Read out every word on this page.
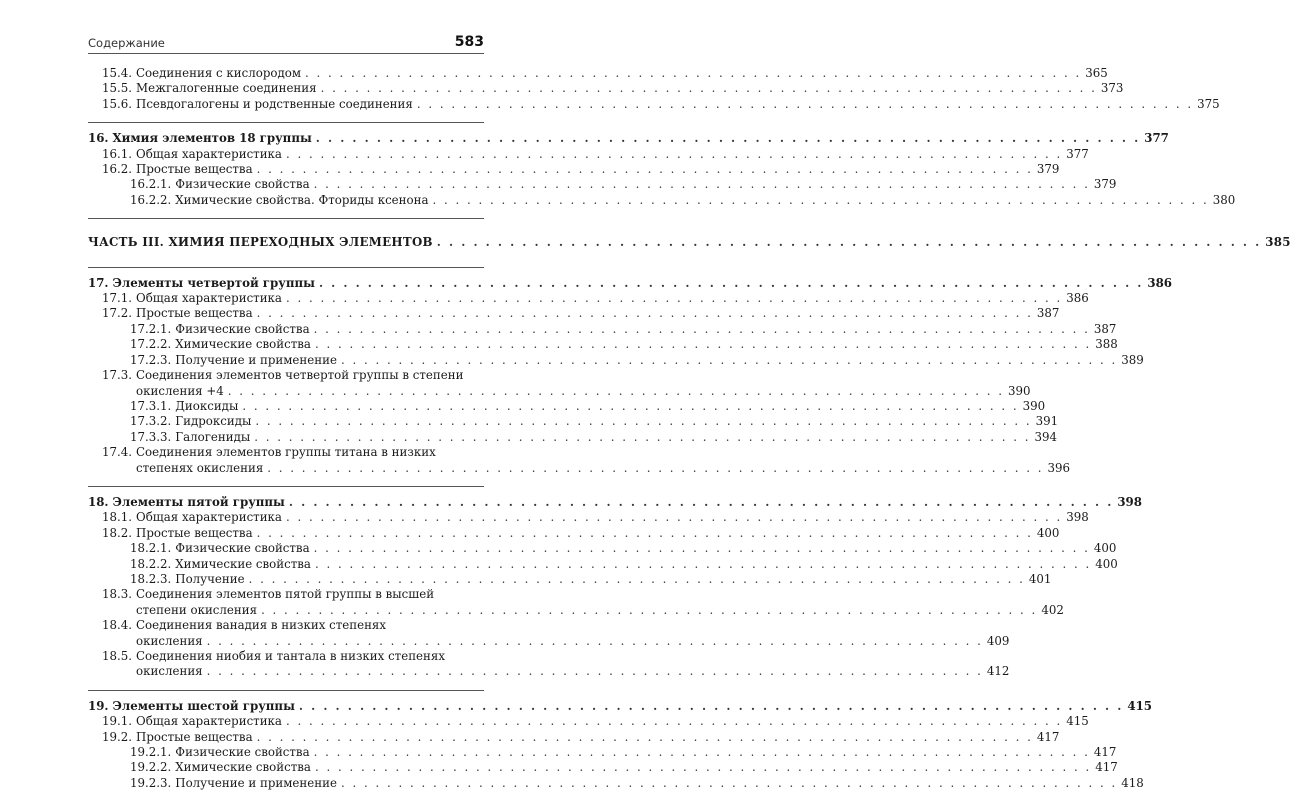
Содержание	583
15.4. Соединения с кислородом . . .	365
15.5. Межгалогенные соединения . . .	373
15.6. Псевдогалогены и родственные соединения . . .	375
16. Химия элементов 18 группы . . .	377
16.1. Общая характеристика . . .	377
16.2. Простые вещества . . .	379
16.2.1. Физические свойства . . .	379
16.2.2. Химические свойства. Фториды ксенона . . .	380
ЧАСТЬ III. ХИМИЯ ПЕРЕХОДНЫХ ЭЛЕМЕНТОВ . . .	385
17. Элементы четвертой группы . . .	386
17.1. Общая характеристика . . .	386
17.2. Простые вещества . . .	387
17.2.1. Физические свойства . . .	387
17.2.2. Химические свойства . . .	388
17.2.3. Получение и применение . . .	389
17.3. Соединения элементов четвертой группы в степени
окисления +4 . . .	390
17.3.1. Диоксиды . . .	390
17.3.2. Гидроксиды . . .	391
17.3.3. Галогениды . . .	394
17.4. Соединения элементов группы титана в низких
степенях окисления . . .	396
18. Элементы пятой группы . . .	398
18.1. Общая характеристика . . .	398
18.2. Простые вещества . . .	400
18.2.1. Физические свойства . . .	400
18.2.2. Химические свойства . . .	400
18.2.3. Получение . . .	401
18.3. Соединения элементов пятой группы в высшей
степени окисления . . .	402
18.4. Соединения ванадия в низких степенях
окисления . . .	409
18.5. Соединения ниобия и тантала в низких степенях
окисления . . .	412
19. Элементы шестой группы . . .	415
19.1. Общая характеристика . . .	415
19.2. Простые вещества . . .	417
19.2.1. Физические свойства . . .	417
19.2.2. Химические свойства . . .	417
19.2.3. Получение и применение . . .	418
